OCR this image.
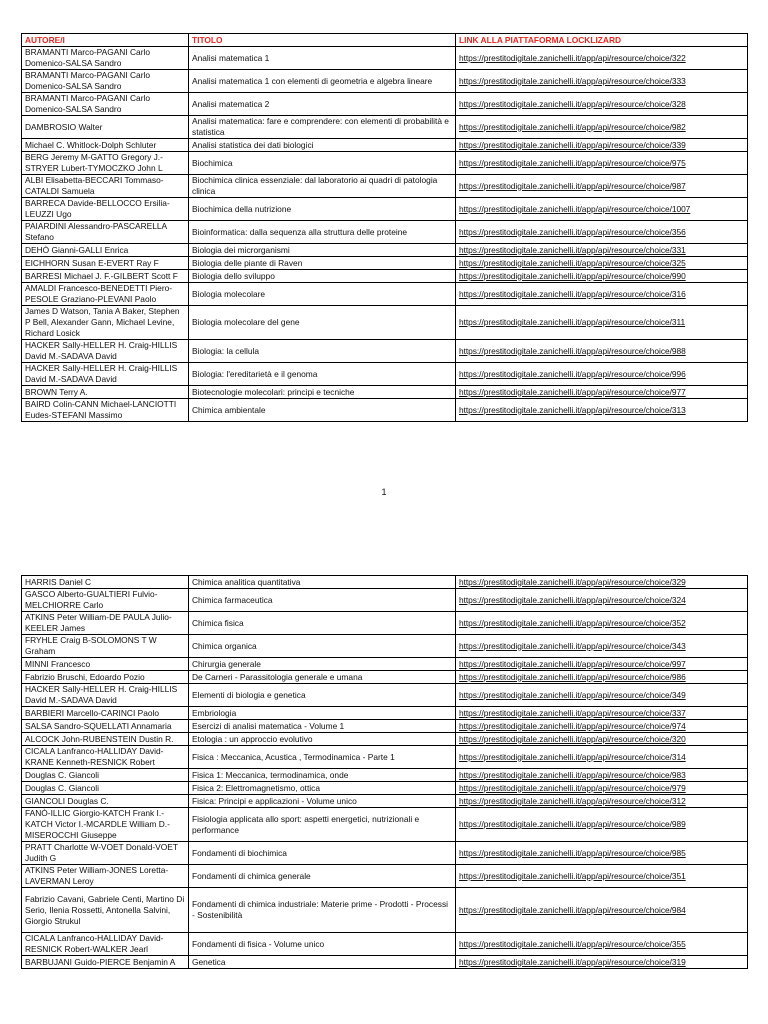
AUTORE/I	TITOLO	LINK ALLA PIATTAFORMA LOCKLIZARD
BRAMANTI Marco-PAGANI Carlo Domenico-SALSA Sandro	Analisi matematica 1	https://prestitodigitale.zanichelli.it/app/api/resource/choice/322
BRAMANTI Marco-PAGANI Carlo Domenico-SALSA Sandro	Analisi matematica 1 con elementi di geometria e algebra lineare	https://prestitodigitale.zanichelli.it/app/api/resource/choice/333
BRAMANTI Marco-PAGANI Carlo Domenico-SALSA Sandro	Analisi matematica 2	https://prestitodigitale.zanichelli.it/app/api/resource/choice/328
DAMBROSIO Walter	Analisi matematica: fare e comprendere: con elementi di probabilità e statistica	https://prestitodigitale.zanichelli.it/app/api/resource/choice/982
Michael C. Whitlock-Dolph Schluter	Analisi statistica dei dati biologici	https://prestitodigitale.zanichelli.it/app/api/resource/choice/339
BERG Jeremy M-GATTO Gregory J.-STRYER Lubert-TYMOCZKO John L	Biochimica	https://prestitodigitale.zanichelli.it/app/api/resource/choice/975
ALBI Elisabetta-BECCARI Tommaso-CATALDI Samuela	Biochimica clinica essenziale: dal laboratorio ai quadri di patologia clinica	https://prestitodigitale.zanichelli.it/app/api/resource/choice/987
BARRECA Davide-BELLOCCO Ersilia-LEUZZI Ugo	Biochimica della nutrizione	https://prestitodigitale.zanichelli.it/app/api/resource/choice/1007
PAIARDINI Alessandro-PASCARELLA Stefano	Bioinformatica: dalla sequenza alla struttura delle proteine	https://prestitodigitale.zanichelli.it/app/api/resource/choice/356
DEHÒ Gianni-GALLI Enrica	Biologia dei microrganismi	https://prestitodigitale.zanichelli.it/app/api/resource/choice/331
EICHHORN Susan E-EVERT Ray F	Biologia delle piante di Raven	https://prestitodigitale.zanichelli.it/app/api/resource/choice/325
BARRESI Michael J. F.-GILBERT Scott F	Biologia dello sviluppo	https://prestitodigitale.zanichelli.it/app/api/resource/choice/990
AMALDI Francesco-BENEDETTI Piero-PESOLE Graziano-PLEVANI Paolo	Biologia molecolare	https://prestitodigitale.zanichelli.it/app/api/resource/choice/316
James D Watson, Tania A Baker, Stephen P Bell, Alexander Gann, Michael Levine, Richard Losick	Biologia molecolare del gene	https://prestitodigitale.zanichelli.it/app/api/resource/choice/311
HACKER Sally-HELLER H. Craig-HILLIS David M.-SADAVA David	Biologia: la cellula	https://prestitodigitale.zanichelli.it/app/api/resource/choice/988
HACKER Sally-HELLER H. Craig-HILLIS David M.-SADAVA David	Biologia: l'ereditarietà e il genoma	https://prestitodigitale.zanichelli.it/app/api/resource/choice/996
BROWN Terry A.	Biotecnologie molecolari: principi e tecniche	https://prestitodigitale.zanichelli.it/app/api/resource/choice/977
BAIRD Colin-CANN Michael-LANCIOTTI Eudes-STEFANI Massimo	Chimica ambientale	https://prestitodigitale.zanichelli.it/app/api/resource/choice/313
1
HARRIS Daniel C	Chimica analitica quantitativa	https://prestitodigitale.zanichelli.it/app/api/resource/choice/329
GASCO Alberto-GUALTIERI Fulvio-MELCHIORRE Carlo	Chimica farmaceutica	https://prestitodigitale.zanichelli.it/app/api/resource/choice/324
ATKINS Peter William-DE PAULA Julio-KEELER James	Chimica fisica	https://prestitodigitale.zanichelli.it/app/api/resource/choice/352
FRYHLE Craig B-SOLOMONS T W Graham	Chimica organica	https://prestitodigitale.zanichelli.it/app/api/resource/choice/343
MINNI Francesco	Chirurgia generale	https://prestitodigitale.zanichelli.it/app/api/resource/choice/997
Fabrizio Bruschi, Edoardo Pozio	De Carneri - Parassitologia generale e umana	https://prestitodigitale.zanichelli.it/app/api/resource/choice/986
HACKER Sally-HELLER H. Craig-HILLIS David M.-SADAVA David	Elementi di biologia e genetica	https://prestitodigitale.zanichelli.it/app/api/resource/choice/349
BARBIERI Marcello-CARINCI Paolo	Embriologia	https://prestitodigitale.zanichelli.it/app/api/resource/choice/337
SALSA Sandro-SQUELLATI Annamaria	Esercizi di analisi matematica - Volume 1	https://prestitodigitale.zanichelli.it/app/api/resource/choice/974
ALCOCK John-RUBENSTEIN Dustin R.	Etologia : un approccio evolutivo	https://prestitodigitale.zanichelli.it/app/api/resource/choice/320
CICALA Lanfranco-HALLIDAY David-KRANE Kenneth-RESNICK Robert	Fisica : Meccanica, Acustica , Termodinamica - Parte 1	https://prestitodigitale.zanichelli.it/app/api/resource/choice/314
Douglas C. Giancoli	Fisica 1: Meccanica, termodinamica, onde	https://prestitodigitale.zanichelli.it/app/api/resource/choice/983
Douglas C. Giancoli	Fisica 2: Elettromagnetismo, ottica	https://prestitodigitale.zanichelli.it/app/api/resource/choice/979
GIANCOLI Douglas C.	Fisica: Principi e applicazioni - Volume unico	https://prestitodigitale.zanichelli.it/app/api/resource/choice/312
FANÒ-ILLIC Giorgio-KATCH Frank I.-KATCH Victor I.-MCARDLE William D.-MISEROCCHI Giuseppe	Fisiologia applicata allo sport: aspetti energetici, nutrizionali e performance	https://prestitodigitale.zanichelli.it/app/api/resource/choice/989
PRATT Charlotte W-VOET Donald-VOET Judith G	Fondamenti di biochimica	https://prestitodigitale.zanichelli.it/app/api/resource/choice/985
ATKINS Peter William-JONES Loretta-LAVERMAN Leroy	Fondamenti di chimica generale	https://prestitodigitale.zanichelli.it/app/api/resource/choice/351
Fabrizio Cavani, Gabriele Centi, Martino Di Serio, Ilenia Rossetti, Antonella Salvini, Giorgio Strukul	Fondamenti di chimica industriale: Materie prime - Prodotti - Processi - Sostenibilità	https://prestitodigitale.zanichelli.it/app/api/resource/choice/984
CICALA Lanfranco-HALLIDAY David-RESNICK Robert-WALKER Jearl	Fondamenti di fisica - Volume unico	https://prestitodigitale.zanichelli.it/app/api/resource/choice/355
BARBUJANI Guido-PIERCE Benjamin A	Genetica	https://prestitodigitale.zanichelli.it/app/api/resource/choice/319
